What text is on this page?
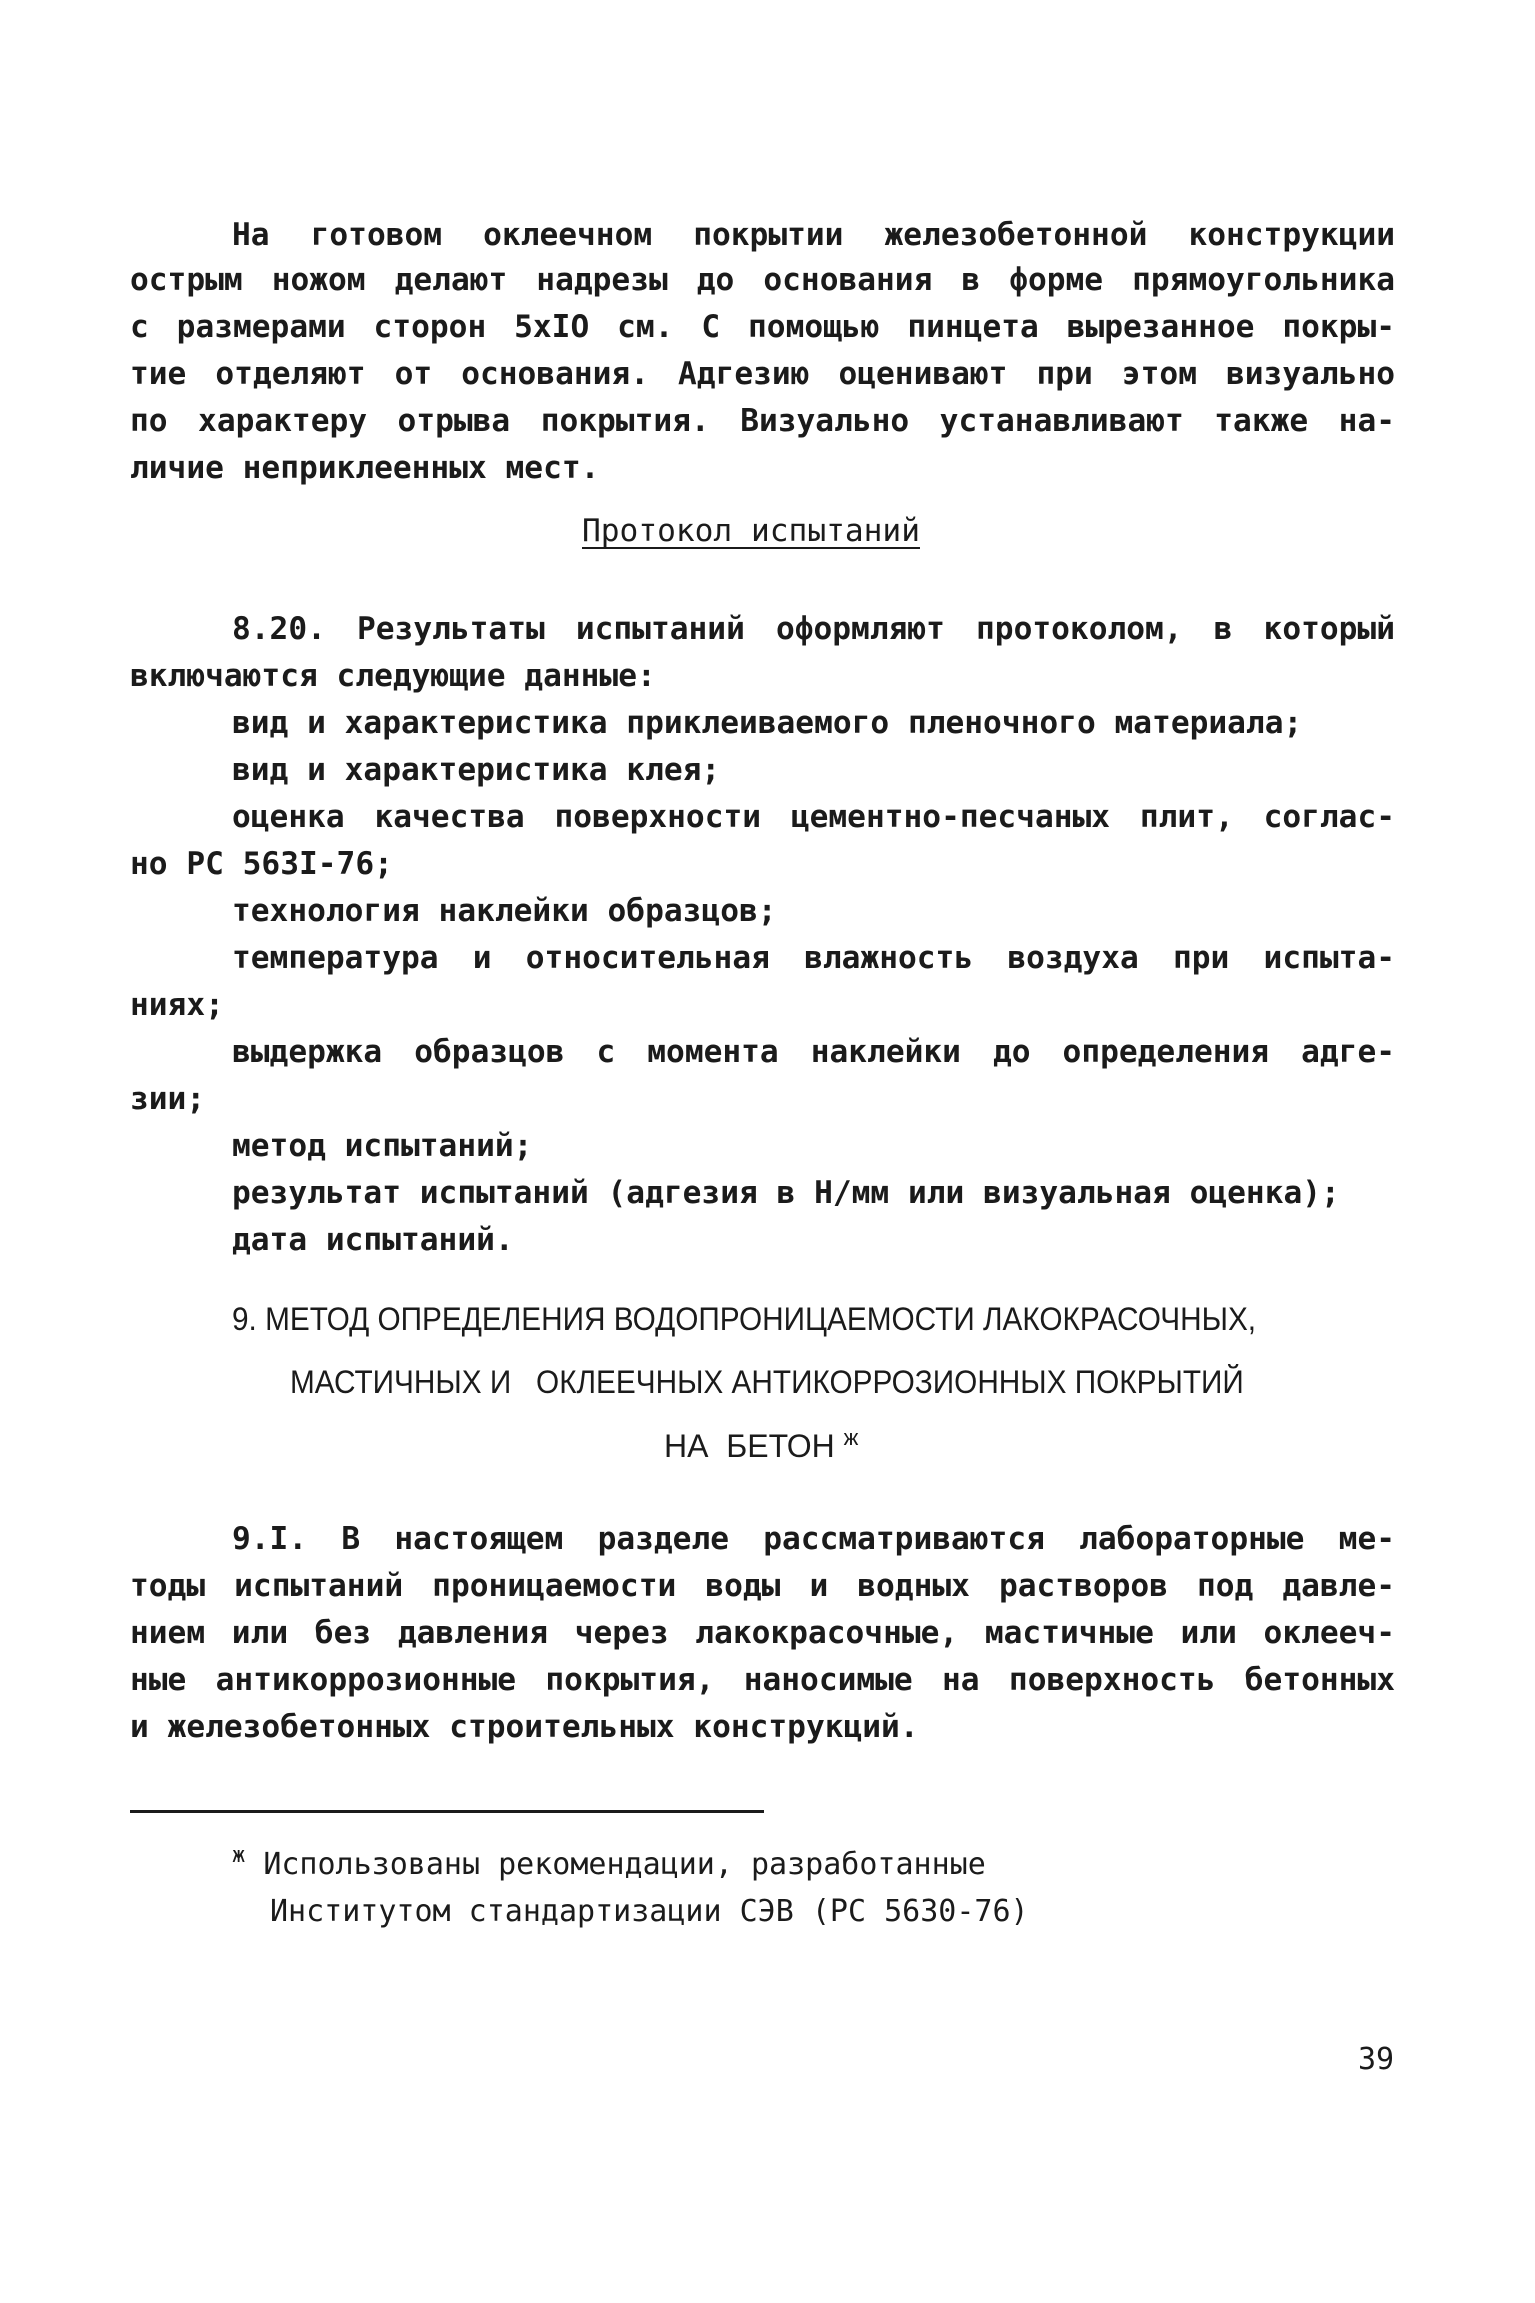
На готовом оклеечном покрытии железобетонной конструкции

острым ножом делают надрезы до основания в форме прямоугольника

с размерами сторон 5хIО см. С помощью пинцета вырезанное покры-

тие отделяют от основания. Адгезию оценивают при этом визуально

по характеру отрыва покрытия. Визуально устанавливают также на-

личие неприклеенных мест.

Протокол испытаний

8.20. Результаты испытаний оформляют протоколом, в который

включаются следующие данные:

вид и характеристика приклеиваемого пленочного материала;

вид и характеристика клея;

оценка качества поверхности цементно-песчаных плит, соглас-

но РС 563I-76;

технология наклейки образцов;

температура и относительная влажность воздуха при испыта-

ниях;

выдержка образцов с момента наклейки до определения адге-

зии;

метод испытаний;

результат испытаний (адгезия в Н/мм или визуальная оценка);

дата испытаний.

9. МЕТОД ОПРЕДЕЛЕНИЯ ВОДОПРОНИЦАЕМОСТИ ЛАКОКРАСОЧНЫХ,

МАСТИЧНЫХ И   ОКЛЕЕЧНЫХ АНТИКОРРОЗИОННЫХ ПОКРЫТИЙ

НА  БЕТОН $^ж$

9.I. В настоящем разделе рассматриваются лабораторные ме-

тоды испытаний проницаемости воды и водных растворов под давле-

нием или без давления через лакокрасочные, мастичные или оклееч-

ные антикоррозионные покрытия, наносимые на поверхность бетонных

и железобетонных строительных конструкций.

$^ж$ Использованы рекомендации, разработанные

Институтом стандартизации СЭВ (РС 5630-76)

39
